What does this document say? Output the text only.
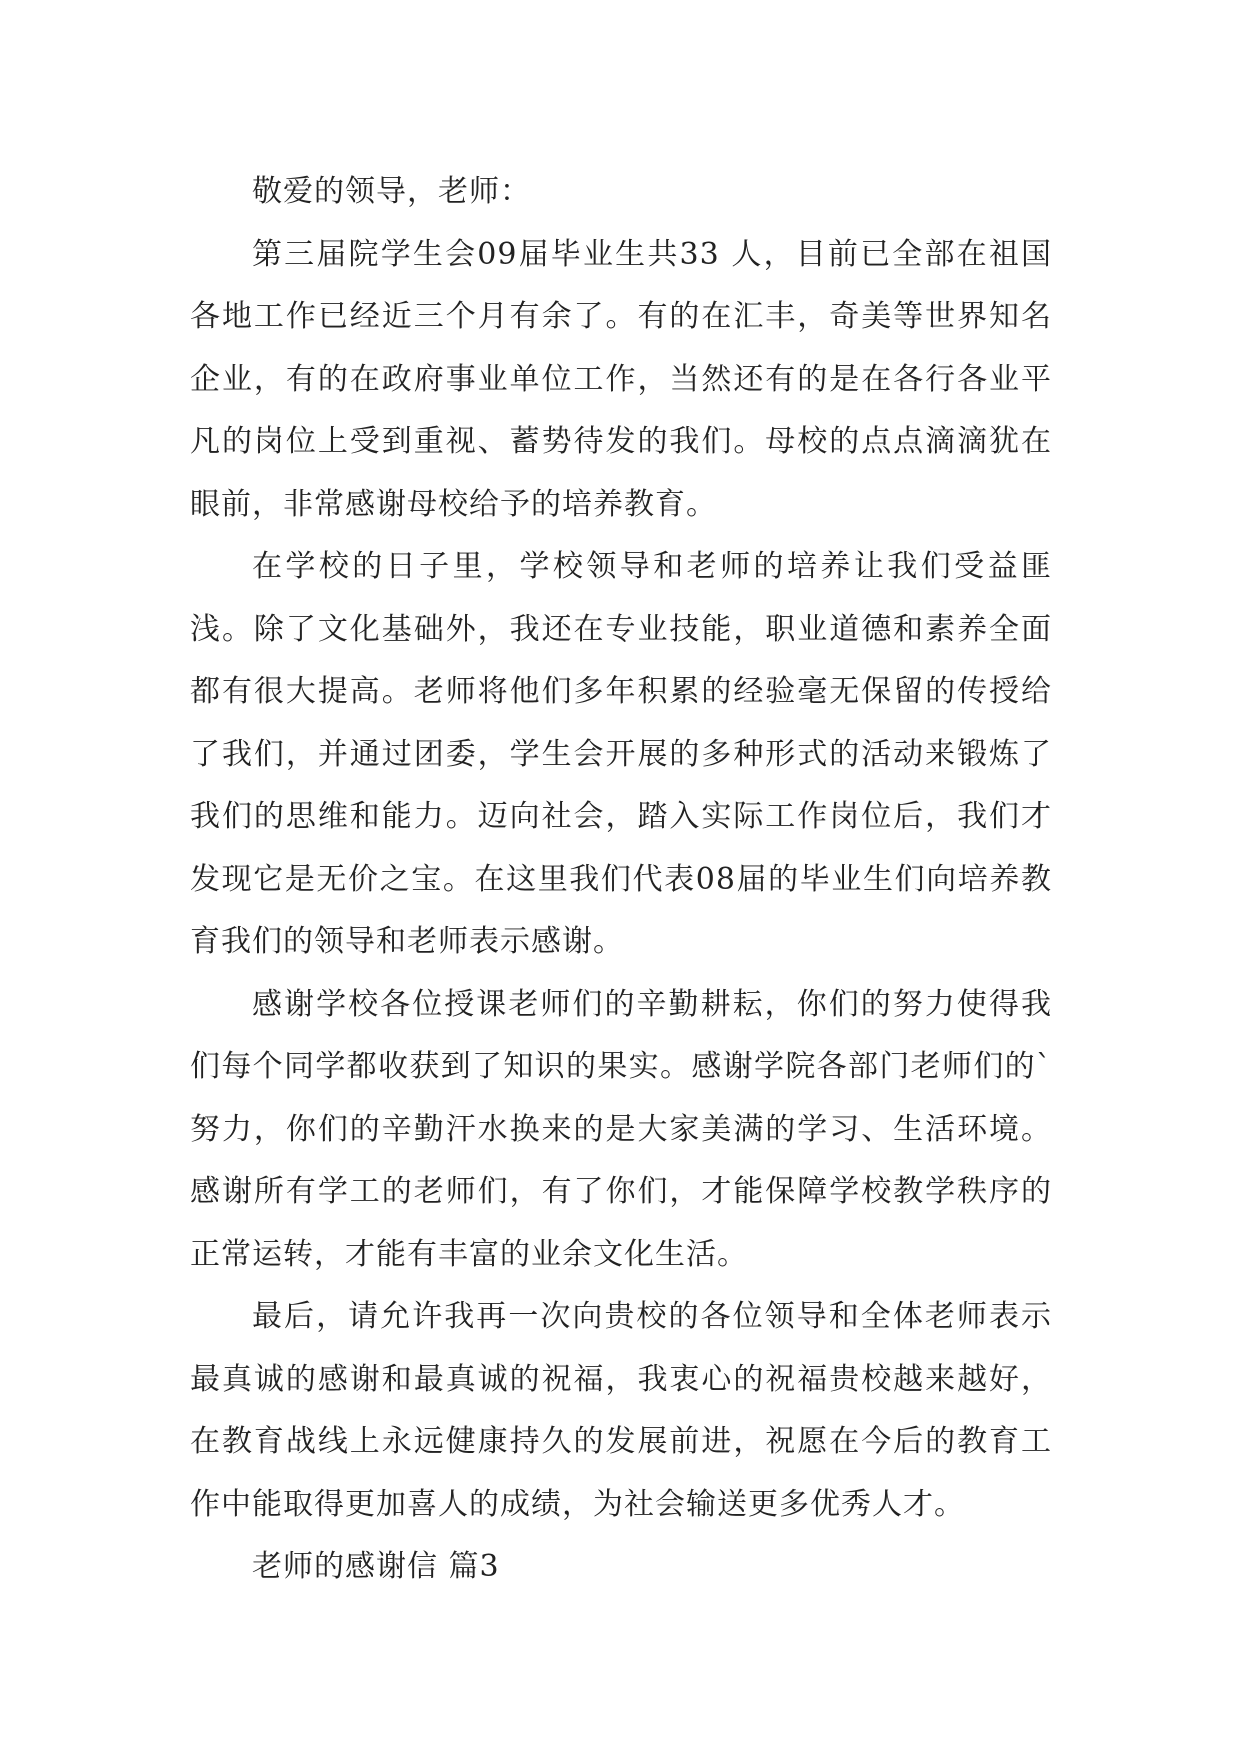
敬爱的领导，老师：

第三届院学生会09届毕业生共33 人，目前已全部在祖国各地工作已经近三个月有余了。有的在汇丰，奇美等世界知名企业，有的在政府事业单位工作，当然还有的是在各行各业平凡的岗位上受到重视、蓄势待发的我们。母校的点点滴滴犹在眼前，非常感谢母校给予的培养教育。

在学校的日子里，学校领导和老师的培养让我们受益匪浅。除了文化基础外，我还在专业技能，职业道德和素养全面都有很大提高。老师将他们多年积累的经验毫无保留的传授给了我们，并通过团委，学生会开展的多种形式的活动来锻炼了我们的思维和能力。迈向社会，踏入实际工作岗位后，我们才发现它是无价之宝。在这里我们代表08届的毕业生们向培养教育我们的领导和老师表示感谢。

感谢学校各位授课老师们的辛勤耕耘，你们的努力使得我们每个同学都收获到了知识的果实。感谢学院各部门老师们的`努力，你们的辛勤汗水换来的是大家美满的学习、生活环境。感谢所有学工的老师们，有了你们，才能保障学校教学秩序的正常运转，才能有丰富的业余文化生活。

最后，请允许我再一次向贵校的各位领导和全体老师表示最真诚的感谢和最真诚的祝福，我衷心的祝福贵校越来越好，在教育战线上永远健康持久的发展前进，祝愿在今后的教育工作中能取得更加喜人的成绩，为社会输送更多优秀人才。

老师的感谢信 篇3
